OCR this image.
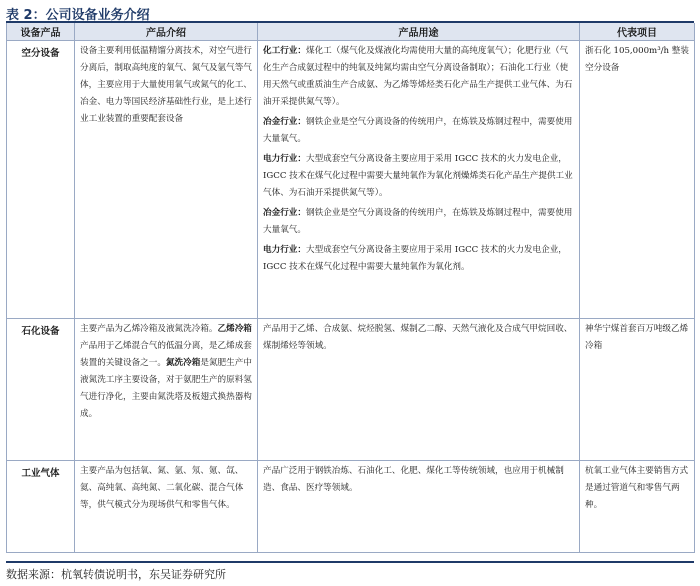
表 2：公司设备业务介绍
设备产品	产品介绍	产品用途	代表项目
空分设备	设备主要利用低温精馏分离技术，对空气进行分离后，制取高纯度的氧气、氮气及氩气等气体，主要应用于大量使用氧气或氮气的化工、冶金、电力等国民经济基础性行业，是上述行业工业装置的重要配套设备	化工行业：煤化工（煤气化及煤液化均需使用大量的高纯度氧气）；化肥行业（气化生产合成氨过程中的纯氧及纯氮均需由空气分离设备制取）；石油化工行业（使用天然气或重质油生产合成氨、为乙烯等烯烃类石化产品生产提供工业气体、为石油开采提供氮气等）。
冶金行业：钢铁企业是空气分离设备的传统用户，在炼铁及炼钢过程中，需要使用大量氧气。
电力行业：大型成套空气分离设备主要应用于采用 IGCC 技术的火力发电企业，IGCC 技术在煤气化过程中需要大量纯氧作为氧化剂燥烯类石化产品生产提供工业气体、为石油开采提供氮气等）。
冶金行业：钢铁企业是空气分离设备的传统用户，在炼铁及炼钢过程中，需要使用大量氧气。
电力行业：大型成套空气分离设备主要应用于采用 IGCC 技术的火力发电企业，IGCC 技术在煤气化过程中需要大量纯氧作为氧化剂。	浙石化 105,000m³/h 整装空分设备
石化设备	主要产品为乙烯冷箱及液氮洗冷箱。乙烯冷箱产品用于乙烯混合气的低温分离，是乙烯成套装置的关键设备之一。氮洗冷箱是氮肥生产中液氮洗工序主要设备，对于氨肥生产的原料氢气进行净化，主要由氮洗塔及板翅式换热器构成。	产品用于乙烯、合成氨、烷烃脱氢、煤制乙二醇、天然气液化及合成气甲烷回收、煤制烯烃等领域。	神华宁煤首套百万吨级乙烯冷箱
工业气体	主要产品为包括氧、氮、氩、氖、氪、氙、氦、高纯氧、高纯氮、二氧化碳、混合气体等，供气模式分为现场供气和零售气体。	产品广泛用于钢铁冶炼、石油化工、化肥、煤化工等传统领域，也应用于机械制造、食品、医疗等领域。	杭氧工业气体主要销售方式是通过管道气和零售气两种。
数据来源：杭氧转债说明书，东吴证券研究所
